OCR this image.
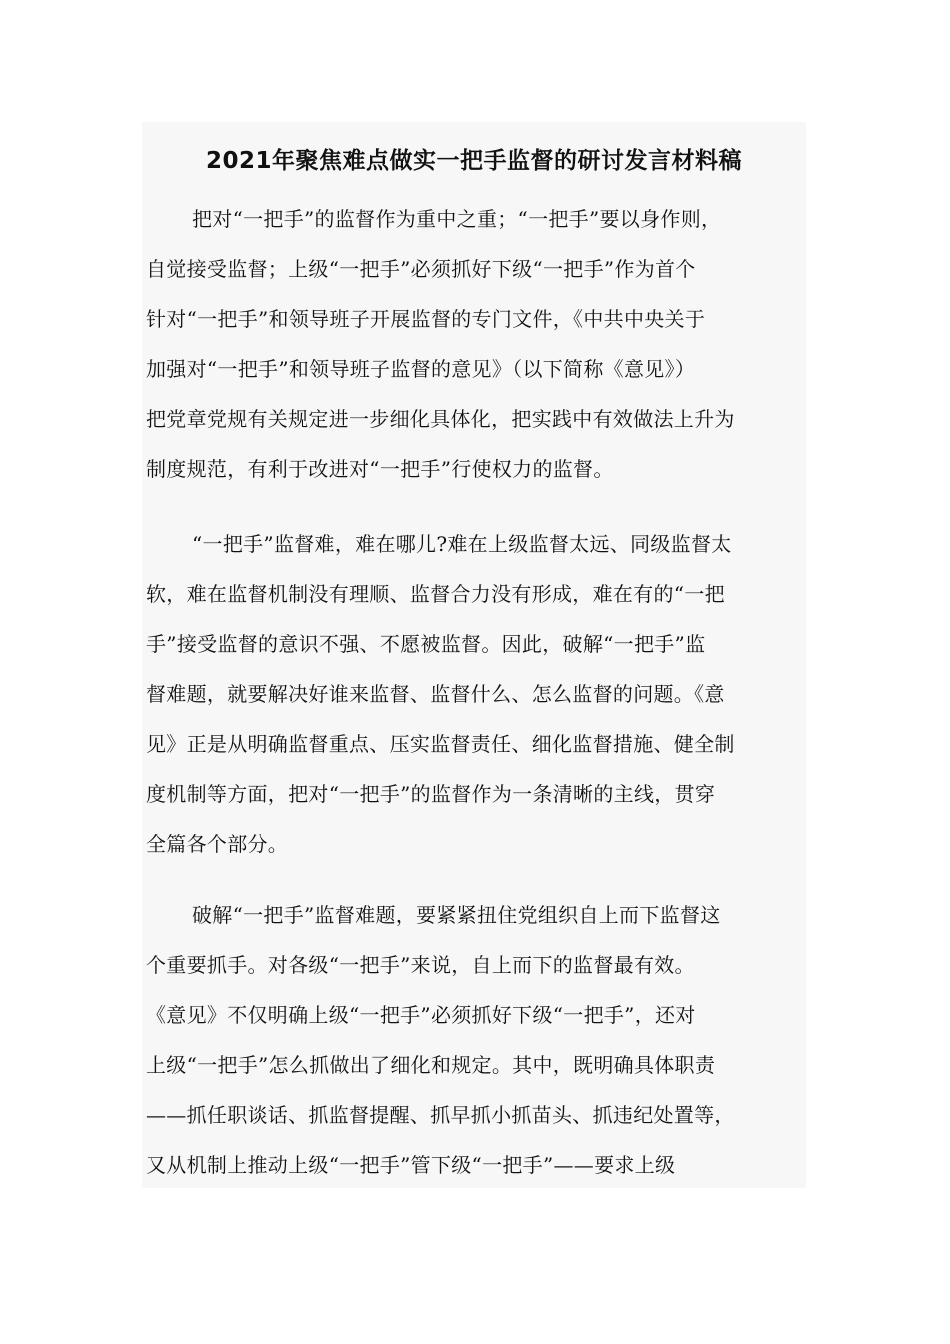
2021年聚焦难点做实一把手监督的研讨发言材料稿
把对“一把手”的监督作为重中之重；“一把手”要以身作则，
自觉接受监督；上级“一把手”必须抓好下级“一把手”作为首个
针对“一把手”和领导班子开展监督的专门文件，《中共中央关于
加强对“一把手”和领导班子监督的意见》（以下简称《意见》）
把党章党规有关规定进一步细化具体化，把实践中有效做法上升为
制度规范，有利于改进对“一把手”行使权力的监督。
“一把手”监督难，难在哪儿?难在上级监督太远、同级监督太
软，难在监督机制没有理顺、监督合力没有形成，难在有的“一把
手”接受监督的意识不强、不愿被监督。因此，破解“一把手”监
督难题，就要解决好谁来监督、监督什么、怎么监督的问题。《意
见》正是从明确监督重点、压实监督责任、细化监督措施、健全制
度机制等方面，把对“一把手”的监督作为一条清晰的主线，贯穿
全篇各个部分。
破解“一把手”监督难题，要紧紧扭住党组织自上而下监督这
个重要抓手。对各级“一把手”来说，自上而下的监督最有效。
《意见》不仅明确上级“一把手”必须抓好下级“一把手”，还对
上级“一把手”怎么抓做出了细化和规定。其中，既明确具体职责
——抓任职谈话、抓监督提醒、抓早抓小抓苗头、抓违纪处置等，
又从机制上推动上级“一把手”管下级“一把手”——要求上级
